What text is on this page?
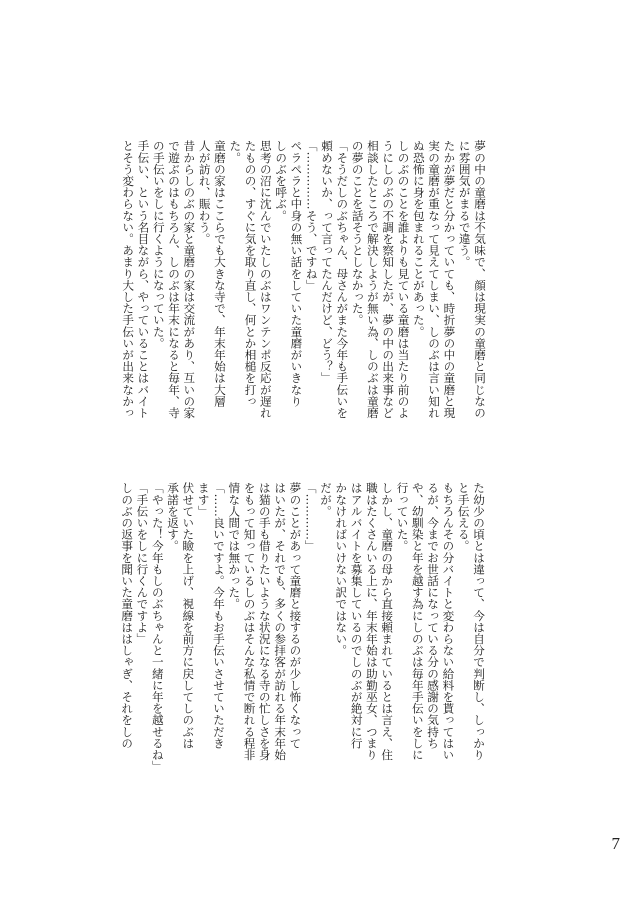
夢の中の童磨は不気味で、顔は現実の童磨と同じなの
に雰囲気がまるで違う。
たかが夢だと分かっていても、時折夢の中の童磨と現
実の童磨が重なって見えてしまい、しのぶは言い知れ
ぬ恐怖に身を包まれることがあった。
しのぶのことを誰よりも見ている童磨は当たり前のよ
うにしのぶの不調を察知したが、夢の中の出来事など
相談したところで解決しようが無い為、しのぶは童磨
の夢のことを話そうとしなかった。
「そうだしのぶちゃん、母さんがまた今年も手伝いを
頼めないか、って言ってたんだけど、どう？」
「……………そう、ですね」
ペラペラと中身の無い話をしていた童磨がいきなり
しのぶを呼ぶ。
思考の沼に沈んでいたしのぶはワンテンポ反応が遅れ
たものの、すぐに気を取り直し、何とか相槌を打っ
た。
童磨の家はここらでも大きな寺で、年末年始は大層
人が訪れ、賑わう。
昔からしのぶの家と童磨の家は交流があり、互いの家
で遊ぶのはもちろん、しのぶは年末になると毎年、寺
の手伝いをしに行くようになっていた。
手伝い、という名目ながら、やっていることはバイト
とそう変わらない。あまり大した手伝いが出来なかっ
た幼少の頃とは違って、今は自分で判断し、しっかり
と手伝える。
もちろんその分バイトと変わらない給料を貰ってはい
るが、今までお世話になっている分の感謝の気持ち
や、幼馴染と年を越す為にしのぶは毎年手伝いをしに
行っていた。
しかし、童磨の母から直接頼まれているとは言え、住
職はたくさんいる上に、年末年始は助勤巫女、つまり
はアルバイトを募集しているのでしのぶが絶対に行
かなければいけない訳ではない。
だが。
「…………」
夢のことがあって童磨と接するのが少し怖くなって
はいたが、それでも、多くの参拝客が訪れる年末年始
は猫の手も借りたいような状況になる寺の忙しさを身
をもって知っているしのぶはそんな私情で断れる程非
情な人間では無かった。
「……良いですよ。今年もお手伝いさせていただき
ます」
伏せていた瞼を上げ、視線を前方に戻してしのぶは
承諾を返す。
「やった！今年もしのぶちゃんと一緒に年を越せるね」
「手伝いをしに行くんですよ」
しのぶの返事を聞いた童磨ははしゃぎ、それをしの
7
